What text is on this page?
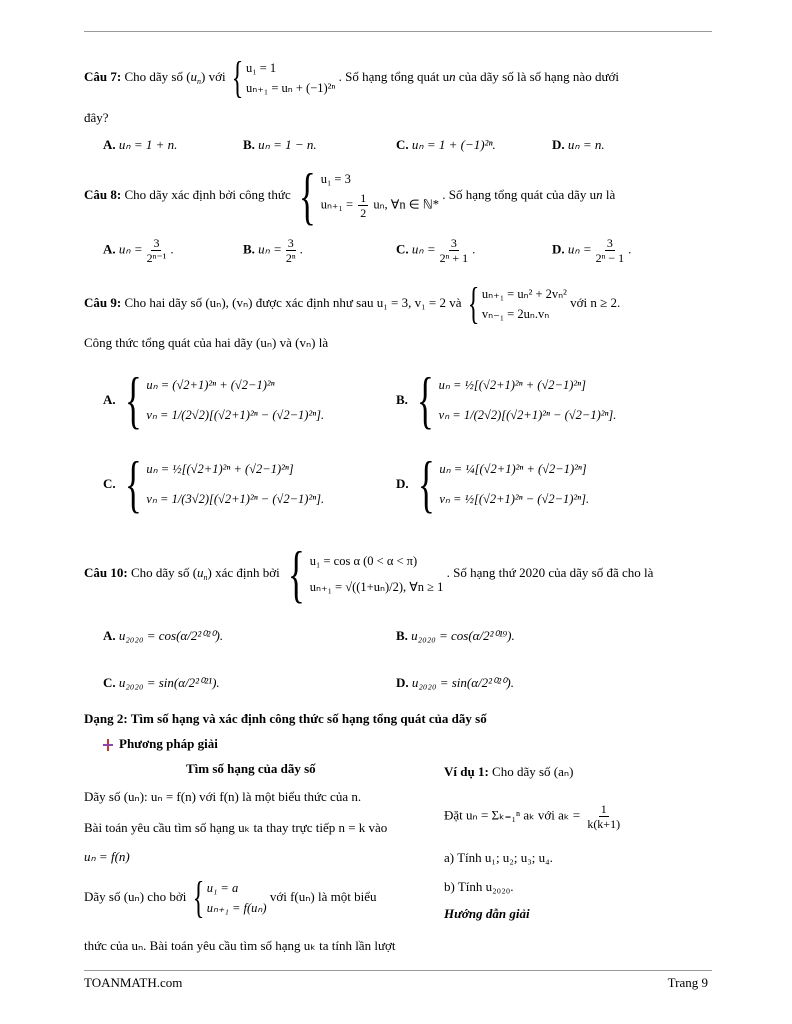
Câu 7: Cho dãy số $(u_n)$ với { u₁ = 1
uₙ₊₁ = uₙ + (−1)²ⁿ
. Số hạng tổng quát un của dãy số là số hạng nào dưới
đây?
A. uₙ = 1 + n.	B. uₙ = 1 − n.	C. uₙ = 1 + (−1)²ⁿ.	D. uₙ = n.
Câu 8: Cho dãy xác định bởi công thức { u₁ = 3
$u_{n+1} = \frac{1}{2} u_n$, ∀n ∈ ℕ*
. Số hạng tổng quát của dãy un là
A. $u_n = \frac{3}{\text{2ⁿ⁻¹}}$ .	B. $u_n = \frac{3}{\text{2ⁿ}}$ .	C. $u_n = \frac{3}{\text{2ⁿ + 1}}$ .	D. $u_n = \frac{3}{\text{2ⁿ − 1}}$ .
Câu 9: Cho hai dãy số (uₙ), (vₙ) được xác định như sau u₁ = 3, v₁ = 2 và { uₙ₊₁ = uₙ² + 2vₙ²
vₙ₋₁ = 2uₙ.vₙ
với n ≥ 2.
Công thức tổng quát của hai dãy (uₙ) và (vₙ) là
A. { uₙ = (√2+1)²ⁿ + (√2−1)²ⁿ
vₙ = 1/(2√2)[(√2+1)²ⁿ − (√2−1)²ⁿ].
B. { uₙ = ½[(√2+1)²ⁿ + (√2−1)²ⁿ]
vₙ = 1/(2√2)[(√2+1)²ⁿ − (√2−1)²ⁿ].
C. { uₙ = ½[(√2+1)²ⁿ + (√2−1)²ⁿ]
vₙ = 1/(3√2)[(√2+1)²ⁿ − (√2−1)²ⁿ].
D. { uₙ = ¼[(√2+1)²ⁿ + (√2−1)²ⁿ]
vₙ = ½[(√2+1)²ⁿ − (√2−1)²ⁿ].
Câu 10: Cho dãy số $(u_n)$ xác định bởi { u₁ = cos α (0 < α < π)
uₙ₊₁ = √((1+uₙ)/2), ∀n ≥ 1
. Số hạng thứ 2020 của dãy số đã cho là
A. u₂₀₂₀ = cos(α/2²⁰²⁰).	B. u₂₀₂₀ = cos(α/2²⁰¹⁹).
C. u₂₀₂₀ = sin(α/2²⁰²¹).	D. u₂₀₂₀ = sin(α/2²⁰²⁰).
Dạng 2: Tìm số hạng và xác định công thức số hạng tổng quát của dãy số
Phương pháp giải
Tìm số hạng của dãy số
Dãy số (uₙ): uₙ = f(n) với f(n) là một biểu thức của n.
Bài toán yêu cầu tìm số hạng uₖ ta thay trực tiếp n = k vào
uₙ = f(n)
Dãy số (uₙ) cho bởi { u₁ = a
uₙ₊₁ = f(uₙ)
với f(uₙ) là một biểu
thức của uₙ. Bài toán yêu cầu tìm số hạng uₖ ta tính lần lượt
Ví dụ 1: Cho dãy số (aₙ)
Đặt uₙ = Σₖ₌₁ⁿ aₖ với $a_k = \frac{1}{k(k+1)}$
a) Tính u₁; u₂; u₃; u₄.
b) Tính u₂₀₂₀.
Hướng dẫn giải
TOANMATH.com	Trang 9
